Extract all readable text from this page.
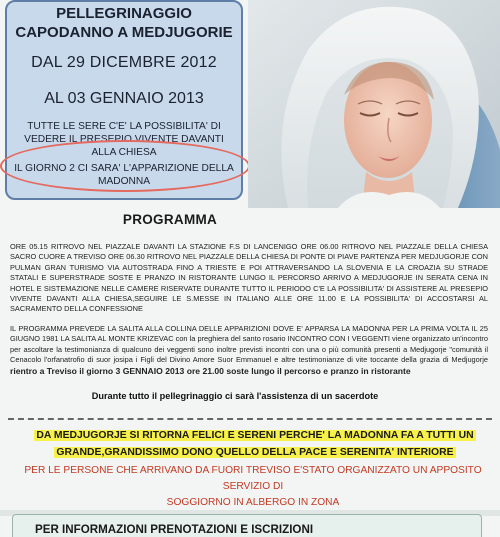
PELLEGRINAGGIO
CAPODANNO A MEDJUGORIE
DAL 29 DICEMBRE 2012
AL 03 GENNAIO 2013
TUTTE LE SERE C'E' LA POSSIBILITA' DI VEDERE IL PRESEPIO VIVENTE DAVANTI ALLA CHIESA
IL GIORNO 2 CI SARA' L'APPARIZIONE DELLA MADONNA
PROGRAMMA
ORE 05.15 RITROVO NEL PIAZZALE DAVANTI LA STAZIONE F.S DI LANCENIGO ORE 06.00 RITROVO NEL PIAZZALE DELLA CHIESA SACRO CUORE A TREVISO ORE 06.30 RITROVO NEL PIAZZALE DELLA CHIESA DI PONTE DI PIAVE PARTENZA PER MEDJUGORJE CON PULMAN GRAN TURISMO VIA AUTOSTRADA FINO A TRIESTE E POI ATTRAVERSANDO LA SLOVENIA E LA CROAZIA SU STRADE STATALI E SUPERSTRADE SOSTE E PRANZO IN RISTORANTE LUNGO IL PERCORSO ARRIVO A MEDJUGORJE IN SERATA CENA IN HOTEL E SISTEMAZIONE NELLE CAMERE RISERVATE DURANTE TUTTO IL PERIODO C'E LA POSSIBILITA' DI ASSISTERE AL PRESEPIO VIVENTE DAVANTI ALLA CHIESA,SEGUIRE LE S.MESSE IN ITALIANO ALLE ORE 11.00 E LA POSSIBILITA' DI ACCOSTARSI AL SACRAMENTO DELLA CONFESSIONE
IL PROGRAMMA PREVEDE LA SALITA ALLA COLLINA DELLE APPARIZIONI DOVE E' APPARSA LA MADONNA PER LA PRIMA VOLTA IL 25 GIUGNO 1981 LA SALITA AL MONTE KRIZEVAC con la preghiera del santo rosario INCONTRO CON I VEGGENTI viene organizzato un'incontro per ascoltare la testimonianza di qualcuno dei veggenti sono inoltre previsti incontri con una o più comunità presenti a Medjugorje "comunità il Cenacolo l'orfanatrofio di suor josipa i Figli del Divino Amore Suor Emmanuel e altre testimonianze di vite toccante della grazia di Medjugorje rientro a Treviso il giorno 3 GENNAIO 2013 ore 21.00 soste lungo il percorso e pranzo in ristorante
Durante tutto il pellegrinaggio ci sarà l'assistenza di un sacerdote
DA MEDJUGORJE SI RITORNA FELICI E SERENI PERCHE' LA MADONNA FA A TUTTI UN
GRANDE,GRANDISSIMO DONO QUELLO DELLA PACE E SERENITA' INTERIORE
PER LE PERSONE CHE ARRIVANO DA FUORI TREVISO E'STATO ORGANIZZATO UN APPOSITO SERVIZIO DI
SOGGIORNO IN ALBERGO IN ZONA
PER INFORMAZIONI PRENOTAZIONI E ISCRIZIONI
